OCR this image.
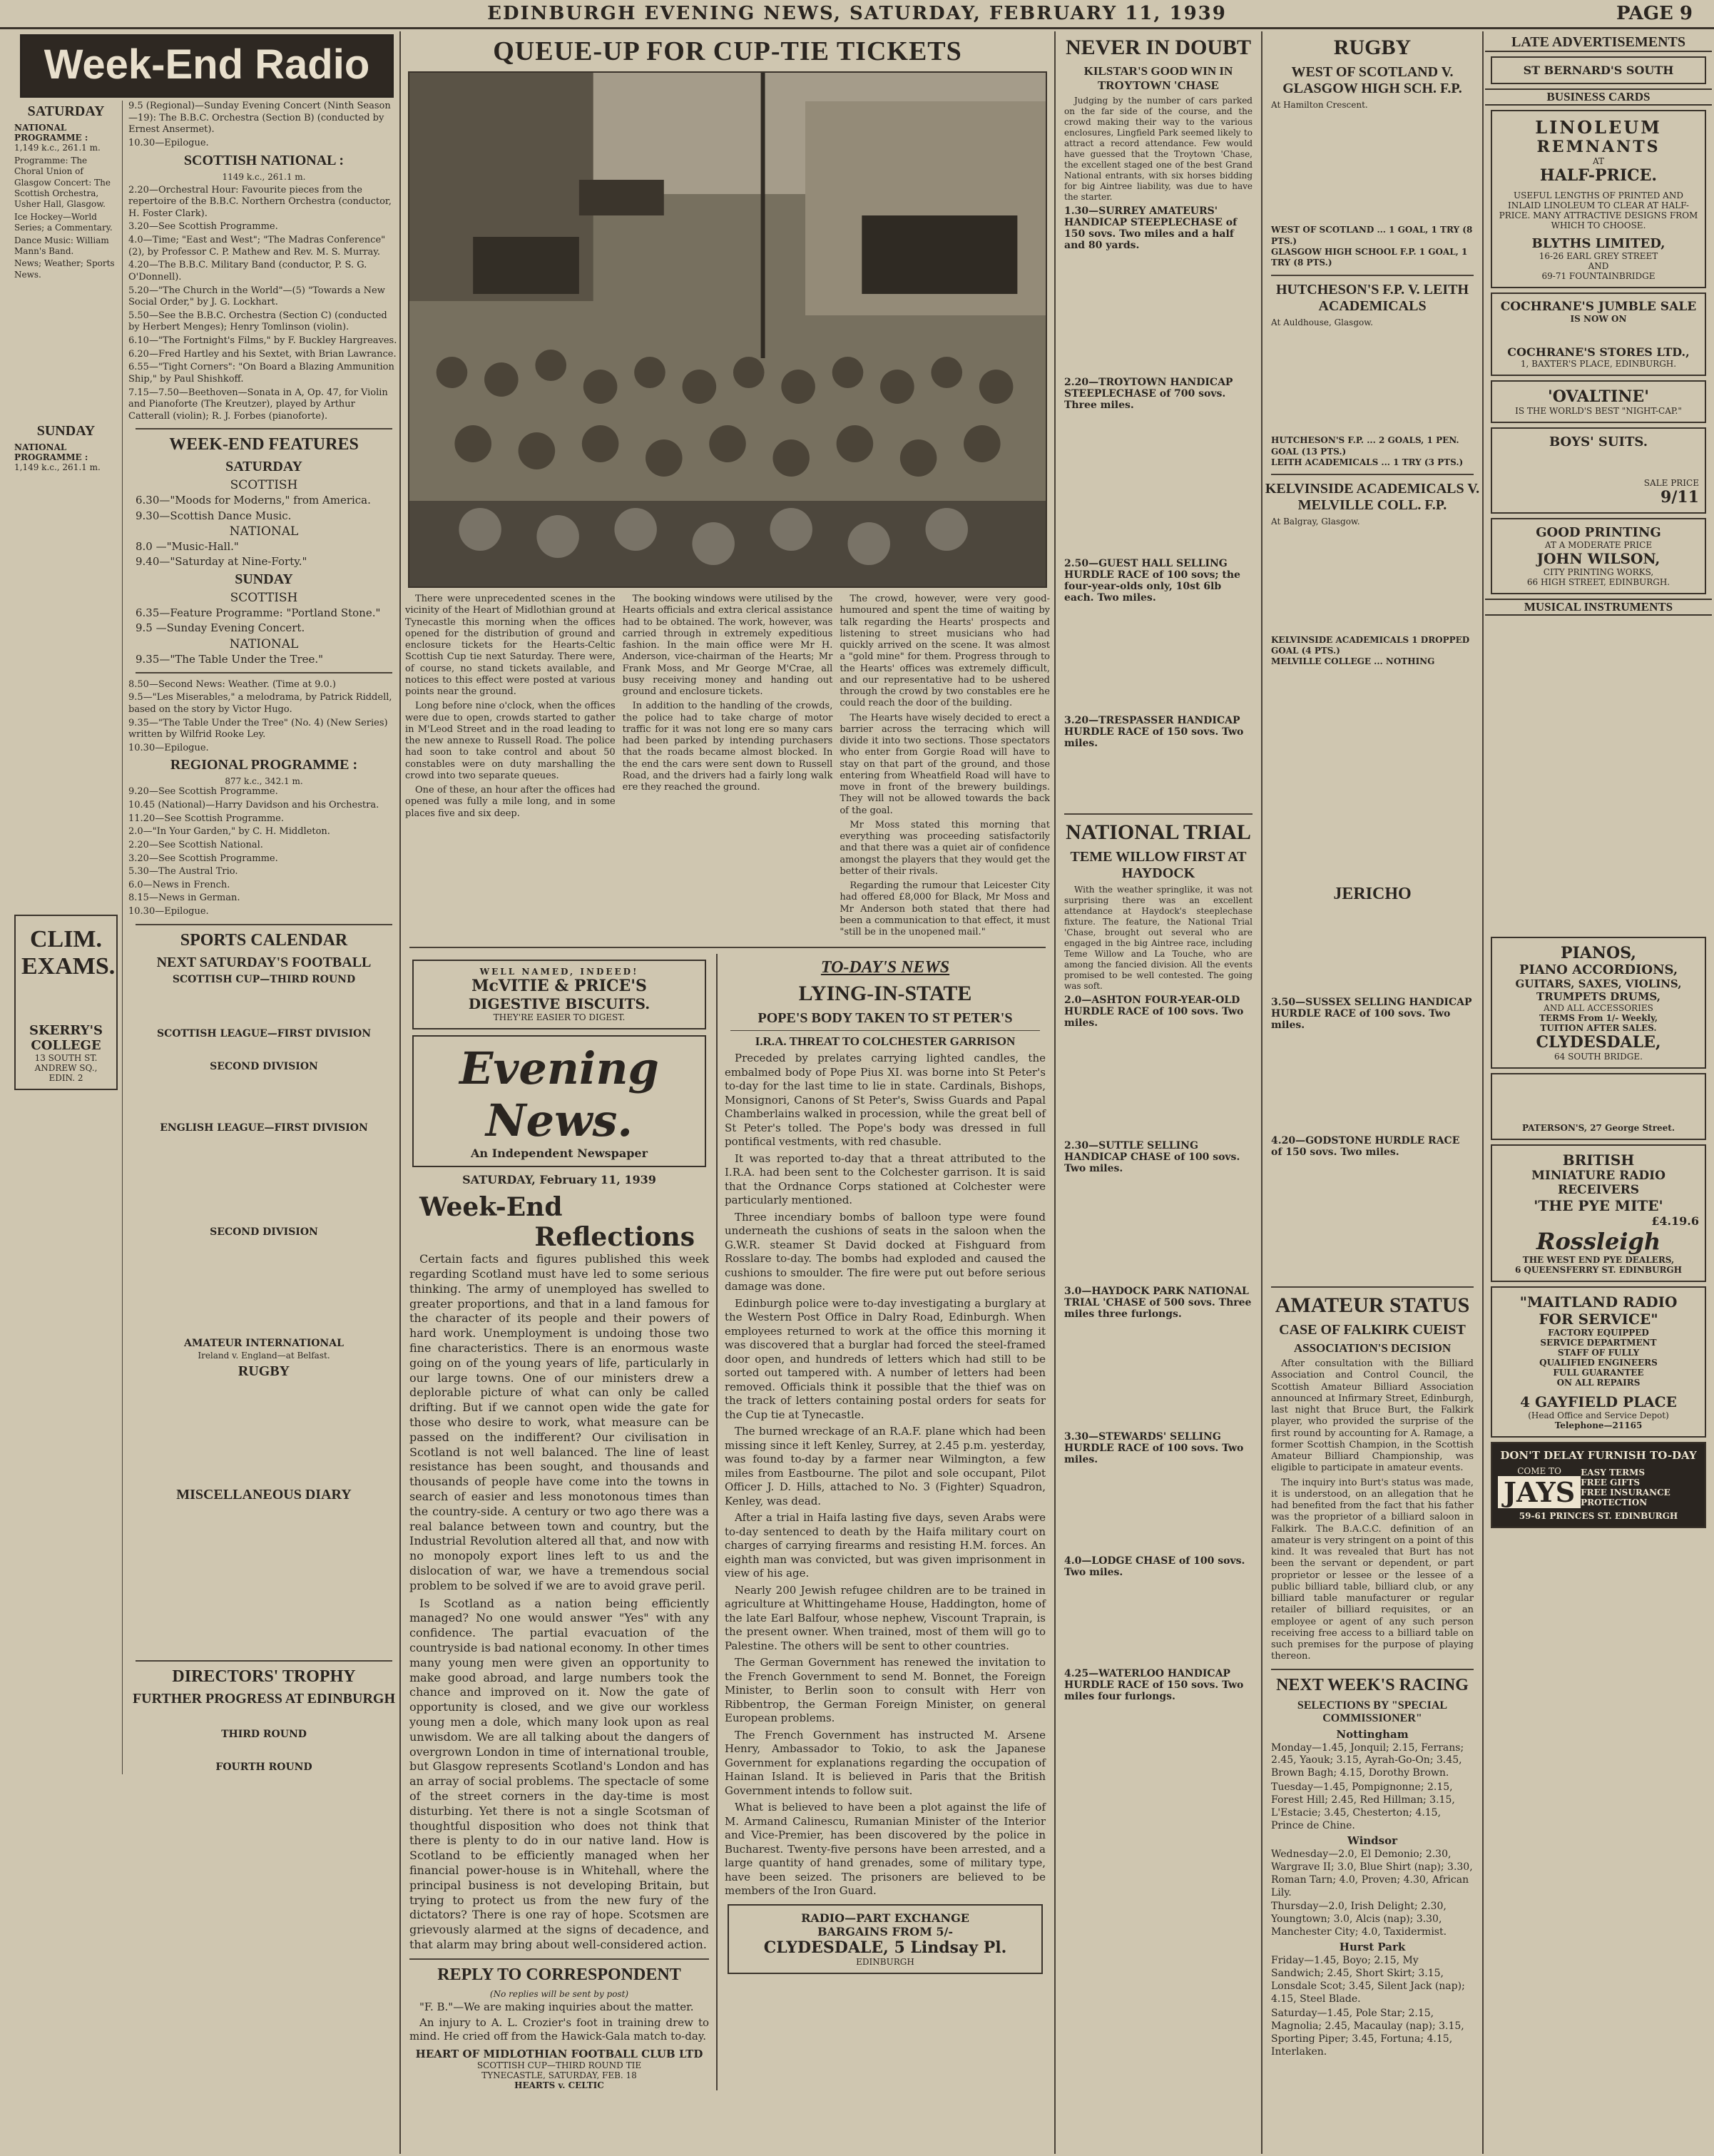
EDINBURGH EVENING NEWS, SATURDAY, FEBRUARY 11, 1939	PAGE 9
Week-End Radio
SATURDAY
NATIONAL PROGRAMME :
1,149 k.c., 261.1 m.
Programme: The Choral Union of Glasgow Concert: The Scottish Orchestra, Usher Hall, Glasgow.
Ice Hockey—World Series; a Commentary.
Dance Music: William Mann's Band.
News; Weather; Sports News.
SUNDAY
NATIONAL PROGRAMME :
1,149 k.c., 261.1 m.
CLIM. EXAMS.
SKERRY'S COLLEGE
13 SOUTH ST. ANDREW SQ., EDIN. 2
9.5 (Regional)—Sunday Evening Concert (Ninth Season—19): The B.B.C. Orchestra (Section B) (conducted by Ernest Ansermet).
10.30—Epilogue.
SCOTTISH NATIONAL :
1149 k.c., 261.1 m.
2.20—Orchestral Hour: Favourite pieces from the repertoire of the B.B.C. Northern Orchestra (conductor, H. Foster Clark).
3.20—See Scottish Programme.
4.0—Time; "East and West"; "The Madras Conference" (2), by Professor C. P. Mathew and Rev. M. S. Murray.
4.20—The B.B.C. Military Band (conductor, P. S. G. O'Donnell).
5.20—"The Church in the World"—(5) "Towards a New Social Order," by J. G. Lockhart.
5.50—See the B.B.C. Orchestra (Section C) (conducted by Herbert Menges); Henry Tomlinson (violin).
6.10—"The Fortnight's Films," by F. Buckley Hargreaves.
6.20—Fred Hartley and his Sextet, with Brian Lawrance.
6.55—"Tight Corners": "On Board a Blazing Ammunition Ship," by Paul Shishkoff.
7.15—7.50—Beethoven—Sonata in A, Op. 47, for Violin and Pianoforte (The Kreutzer), played by Arthur Catterall (violin); R. J. Forbes (pianoforte).
WEEK-END FEATURES
SATURDAY
SCOTTISH
6.30—"Moods for Moderns," from America.
9.30—Scottish Dance Music.
NATIONAL
8.0 —"Music-Hall."
9.40—"Saturday at Nine-Forty."
SUNDAY
SCOTTISH
6.35—Feature Programme: "Portland Stone."
9.5 —Sunday Evening Concert.
NATIONAL
9.35—"The Table Under the Tree."
8.50—Second News: Weather. (Time at 9.0.)
9.5—"Les Miserables," a melodrama, by Patrick Riddell, based on the story by Victor Hugo.
9.35—"The Table Under the Tree" (No. 4) (New Series) written by Wilfrid Rooke Ley.
10.30—Epilogue.
REGIONAL PROGRAMME :
877 k.c., 342.1 m.
9.20—See Scottish Programme.
10.45 (National)—Harry Davidson and his Orchestra.
11.20—See Scottish Programme.
2.0—"In Your Garden," by C. H. Middleton.
2.20—See Scottish National.
3.20—See Scottish Programme.
5.30—The Austral Trio.
6.0—News in French.
8.15—News in German.
10.30—Epilogue.
SPORTS CALENDAR
NEXT SATURDAY'S FOOTBALL
SCOTTISH CUP—THIRD ROUND
SCOTTISH LEAGUE—FIRST DIVISION
SECOND DIVISION
ENGLISH LEAGUE—FIRST DIVISION
SECOND DIVISION
AMATEUR INTERNATIONAL
Ireland v. England—at Belfast.
RUGBY
MISCELLANEOUS DIARY
DIRECTORS' TROPHY
FURTHER PROGRESS AT EDINBURGH
THIRD ROUND
FOURTH ROUND
QUEUE-UP FOR CUP-TIE TICKETS

There were unprecedented scenes in the vicinity of the Heart of Midlothian ground at Tynecastle this morning when the offices opened for the distribution of ground and enclosure tickets for the Hearts-Celtic Scottish Cup tie next Saturday. There were, of course, no stand tickets available, and notices to this effect were posted at various points near the ground.

Long before nine o'clock, when the offices were due to open, crowds started to gather in M'Leod Street and in the road leading to the new annexe to Russell Road. The police had soon to take control and about 50 constables were on duty marshalling the crowd into two separate queues.

One of these, an hour after the offices had opened was fully a mile long, and in some places five and six deep.

The booking windows were utilised by the Hearts officials and extra clerical assistance had to be obtained. The work, however, was carried through in extremely expeditious fashion. In the main office were Mr H. Anderson, vice-chairman of the Hearts; Mr Frank Moss, and Mr George M'Crae, all busy receiving money and handing out ground and enclosure tickets.

In addition to the handling of the crowds, the police had to take charge of motor traffic for it was not long ere so many cars had been parked by intending purchasers that the roads became almost blocked. In the end the cars were sent down to Russell Road, and the drivers had a fairly long walk ere they reached the ground.

The crowd, however, were very good-humoured and spent the time of waiting by talk regarding the Hearts' prospects and listening to street musicians who had quickly arrived on the scene. It was almost a "gold mine" for them. Progress through to the Hearts' offices was extremely difficult, and our representative had to be ushered through the crowd by two constables ere he could reach the door of the building.

The Hearts have wisely decided to erect a barrier across the terracing which will divide it into two sections. Those spectators who enter from Gorgie Road will have to stay on that part of the ground, and those entering from Wheatfield Road will have to move in front of the brewery buildings. They will not be allowed towards the back of the goal.

Mr Moss stated this morning that everything was proceeding satisfactorily and that there was a quiet air of confidence amongst the players that they would get the better of their rivals.

Regarding the rumour that Leicester City had offered £8,000 for Black, Mr Moss and Mr Anderson both stated that there had been a communication to that effect, it must "still be in the unopened mail."

WELL NAMED, INDEED!
McVITIE & PRICE'S
DIGESTIVE BISCUITS.
THEY'RE EASIER TO DIGEST.
Evening News.
An Independent Newspaper
SATURDAY, February 11, 1939
Week-End
Reflections

Certain facts and figures published this week regarding Scotland must have led to some serious thinking. The army of unemployed has swelled to greater proportions, and that in a land famous for the character of its people and their powers of hard work. Unemployment is undoing those two fine characteristics. There is an enormous waste going on of the young years of life, particularly in our large towns. One of our ministers drew a deplorable picture of what can only be called drifting. But if we cannot open wide the gate for those who desire to work, what measure can be passed on the indifferent? Our civilisation in Scotland is not well balanced. The line of least resistance has been sought, and thousands and thousands of people have come into the towns in search of easier and less monotonous times than the country-side. A century or two ago there was a real balance between town and country, but the Industrial Revolution altered all that, and now with no monopoly export lines left to us and the dislocation of war, we have a tremendous social problem to be solved if we are to avoid grave peril.

Is Scotland as a nation being efficiently managed? No one would answer "Yes" with any confidence. The partial evacuation of the countryside is bad national economy. In other times many young men were given an opportunity to make good abroad, and large numbers took the chance and improved on it. Now the gate of opportunity is closed, and we give our workless young men a dole, which many look upon as real unwisdom. We are all talking about the dangers of overgrown London in time of international trouble, but Glasgow represents Scotland's London and has an array of social problems. The spectacle of some of the street corners in the day-time is most disturbing. Yet there is not a single Scotsman of thoughtful disposition who does not think that there is plenty to do in our native land. How is Scotland to be efficiently managed when her financial power-house is in Whitehall, where the principal business is not developing Britain, but trying to protect us from the new fury of the dictators? There is one ray of hope. Scotsmen are grievously alarmed at the signs of decadence, and that alarm may bring about well-considered action.

REPLY TO CORRESPONDENT
(No replies will be sent by post)

"F. B."—We are making inquiries about the matter.

An injury to A. L. Crozier's foot in training drew to mind. He cried off from the Hawick-Gala match to-day.

HEART OF MIDLOTHIAN FOOTBALL CLUB LTD
SCOTTISH CUP—THIRD ROUND TIE
TYNECASTLE, SATURDAY, FEB. 18
HEARTS v. CELTIC
TO-DAY'S NEWS
LYING-IN-STATE
POPE'S BODY TAKEN TO ST PETER'S
I.R.A. THREAT TO COLCHESTER GARRISON

Preceded by prelates carrying lighted candles, the embalmed body of Pope Pius XI. was borne into St Peter's to-day for the last time to lie in state. Cardinals, Bishops, Monsignori, Canons of St Peter's, Swiss Guards and Papal Chamberlains walked in procession, while the great bell of St Peter's tolled. The Pope's body was dressed in full pontifical vestments, with red chasuble.

It was reported to-day that a threat attributed to the I.R.A. had been sent to the Colchester garrison. It is said that the Ordnance Corps stationed at Colchester were particularly mentioned.

Three incendiary bombs of balloon type were found underneath the cushions of seats in the saloon when the G.W.R. steamer St David docked at Fishguard from Rosslare to-day. The bombs had exploded and caused the cushions to smoulder. The fire were put out before serious damage was done.

Edinburgh police were to-day investigating a burglary at the Western Post Office in Dalry Road, Edinburgh. When employees returned to work at the office this morning it was discovered that a burglar had forced the steel-framed door open, and hundreds of letters which had still to be sorted out tampered with. A number of letters had been removed. Officials think it possible that the thief was on the track of letters containing postal orders for seats for the Cup tie at Tynecastle.

The burned wreckage of an R.A.F. plane which had been missing since it left Kenley, Surrey, at 2.45 p.m. yesterday, was found to-day by a farmer near Wilmington, a few miles from Eastbourne. The pilot and sole occupant, Pilot Officer J. D. Hills, attached to No. 3 (Fighter) Squadron, Kenley, was dead.

After a trial in Haifa lasting five days, seven Arabs were to-day sentenced to death by the Haifa military court on charges of carrying firearms and resisting H.M. forces. An eighth man was convicted, but was given imprisonment in view of his age.

Nearly 200 Jewish refugee children are to be trained in agriculture at Whittingehame House, Haddington, home of the late Earl Balfour, whose nephew, Viscount Traprain, is the present owner. When trained, most of them will go to Palestine. The others will be sent to other countries.

The German Government has renewed the invitation to the French Government to send M. Bonnet, the Foreign Minister, to Berlin soon to consult with Herr von Ribbentrop, the German Foreign Minister, on general European problems.

The French Government has instructed M. Arsene Henry, Ambassador to Tokio, to ask the Japanese Government for explanations regarding the occupation of Hainan Island. It is believed in Paris that the British Government intends to follow suit.

What is believed to have been a plot against the life of M. Armand Calinescu, Rumanian Minister of the Interior and Vice-Premier, has been discovered by the police in Bucharest. Twenty-five persons have been arrested, and a large quantity of hand grenades, some of military type, have been seized. The prisoners are believed to be members of the Iron Guard.

RADIO—PART EXCHANGE
BARGAINS FROM 5/-
CLYDESDALE, 5 Lindsay Pl.
EDINBURGH
NEVER IN DOUBT
KILSTAR'S GOOD WIN IN TROYTOWN 'CHASE

Judging by the number of cars parked on the far side of the course, and the crowd making their way to the various enclosures, Lingfield Park seemed likely to attract a record attendance. Few would have guessed that the Troytown 'Chase, the excellent staged one of the best Grand National entrants, with six horses bidding for big Aintree liability, was due to have the starter.

1.30—SURREY AMATEURS' HANDICAP STEEPLECHASE of 150 sovs. Two miles and a half and 80 yards.
2.20—TROYTOWN HANDICAP STEEPLECHASE of 700 sovs. Three miles.
2.50—GUEST HALL SELLING HURDLE RACE of 100 sovs; the four-year-olds only, 10st 6lb each. Two miles.
3.20—TRESPASSER HANDICAP HURDLE RACE of 150 sovs. Two miles.
NATIONAL TRIAL
TEME WILLOW FIRST AT HAYDOCK

With the weather springlike, it was not surprising there was an excellent attendance at Haydock's steeplechase fixture. The feature, the National Trial 'Chase, brought out several who are engaged in the big Aintree race, including Teme Willow and La Touche, who are among the fancied division. All the events promised to be well contested. The going was soft.

2.0—ASHTON FOUR-YEAR-OLD HURDLE RACE of 100 sovs. Two miles.
2.30—SUTTLE SELLING HANDICAP CHASE of 100 sovs. Two miles.
3.0—HAYDOCK PARK NATIONAL TRIAL 'CHASE of 500 sovs. Three miles three furlongs.
3.30—STEWARDS' SELLING HURDLE RACE of 100 sovs. Two miles.
4.0—LODGE CHASE of 100 sovs. Two miles.
4.25—WATERLOO HANDICAP HURDLE RACE of 150 sovs. Two miles four furlongs.
JERICHO
3.50—SUSSEX SELLING HANDICAP HURDLE RACE of 100 sovs. Two miles.
4.20—GODSTONE HURDLE RACE of 150 sovs. Two miles.
AMATEUR STATUS
CASE OF FALKIRK CUEIST
ASSOCIATION'S DECISION

After consultation with the Billiard Association and Control Council, the Scottish Amateur Billiard Association announced at Infirmary Street, Edinburgh, last night that Bruce Burt, the Falkirk player, who provided the surprise of the first round by accounting for A. Ramage, a former Scottish Champion, in the Scottish Amateur Billiard Championship, was eligible to participate in amateur events.

The inquiry into Burt's status was made, it is understood, on an allegation that he had benefited from the fact that his father was the proprietor of a billiard saloon in Falkirk. The B.A.C.C. definition of an amateur is very stringent on a point of this kind. It was revealed that Burt has not been the servant or dependent, or part proprietor or lessee or the lessee of a public billiard table, billiard club, or any billiard table manufacturer or regular retailer of billiard requisites, or an employee or agent of any such person receiving free access to a billiard table on such premises for the purpose of playing thereon.

NEXT WEEK'S RACING
SELECTIONS BY "SPECIAL COMMISSIONER"
Nottingham
Monday—1.45, Jonquil; 2.15, Ferrans; 2.45, Yaouk; 3.15, Ayrah-Go-On; 3.45, Brown Bagh; 4.15, Dorothy Brown.
Tuesday—1.45, Pompignonne; 2.15, Forest Hill; 2.45, Red Hillman; 3.15, L'Estacie; 3.45, Chesterton; 4.15, Prince de Chine.
Windsor
Wednesday—2.0, El Demonio; 2.30, Wargrave II; 3.0, Blue Shirt (nap); 3.30, Roman Tarn; 4.0, Proven; 4.30, African Lily.
Thursday—2.0, Irish Delight; 2.30, Youngtown; 3.0, Alcis (nap); 3.30, Manchester City; 4.0, Taxidermist.
Hurst Park
Friday—1.45, Boyo; 2.15, My Sandwich; 2.45, Short Skirt; 3.15, Lonsdale Scot; 3.45, Silent Jack (nap); 4.15, Steel Blade.
Saturday—1.45, Pole Star; 2.15, Magnolia; 2.45, Macaulay (nap); 3.15, Sporting Piper; 3.45, Fortuna; 4.15, Interlaken.
RUGBY
WEST OF SCOTLAND V. GLASGOW HIGH SCH. F.P.
At Hamilton Crescent.
WEST OF SCOTLAND ... 1 GOAL, 1 TRY (8 PTS.)
GLASGOW HIGH SCHOOL F.P. 1 GOAL, 1 TRY (8 PTS.)
HUTCHESON'S F.P. V. LEITH ACADEMICALS
At Auldhouse, Glasgow.
HUTCHESON'S F.P. ... 2 GOALS, 1 PEN. GOAL (13 PTS.)
LEITH ACADEMICALS ... 1 TRY (3 PTS.)
KELVINSIDE ACADEMICALS V. MELVILLE COLL. F.P.
At Balgray, Glasgow.
KELVINSIDE ACADEMICALS 1 DROPPED GOAL (4 PTS.)
MELVILLE COLLEGE ... NOTHING
LATE ADVERTISEMENTS
ST BERNARD'S SOUTH
BUSINESS CARDS
LINOLEUM
REMNANTS
AT
HALF-PRICE.
USEFUL LENGTHS OF PRINTED AND INLAID LINOLEUM TO CLEAR AT HALF-PRICE. MANY ATTRACTIVE DESIGNS FROM WHICH TO CHOOSE.
BLYTHS LIMITED,
16-26 EARL GREY STREET
AND
69-71 FOUNTAINBRIDGE
COCHRANE'S JUMBLE SALE
IS NOW ON
COCHRANE'S STORES LTD.,
1, BAXTER'S PLACE, EDINBURGH.
'OVALTINE'
IS THE WORLD'S BEST "NIGHT-CAP."
BOYS' SUITS.
SALE PRICE
9/11
GOOD PRINTING
AT A MODERATE PRICE
JOHN WILSON,
CITY PRINTING WORKS,
66 HIGH STREET, EDINBURGH.
MUSICAL INSTRUMENTS
PIANOS,
PIANO ACCORDIONS,
GUITARS, SAXES, VIOLINS,
TRUMPETS DRUMS,
AND ALL ACCESSORIES
TERMS From 1/- Weekly,
TUITION AFTER SALES.
CLYDESDALE,
64 SOUTH BRIDGE.
PATERSON'S, 27 George Street.
BRITISH
MINIATURE RADIO RECEIVERS
'THE PYE MITE'
£4.19.6
Rossleigh
THE WEST END PYE DEALERS,
6 QUEENSFERRY ST. EDINBURGH
"MAITLAND RADIO
FOR SERVICE"
FACTORY EQUIPPED
SERVICE DEPARTMENT
STAFF OF FULLY
QUALIFIED ENGINEERS
FULL GUARANTEE
ON ALL REPAIRS
4 GAYFIELD PLACE
(Head Office and Service Depot)
Telephone—21165
DON'T DELAY FURNISH TO-DAY
COME TO
JAYS
EASY TERMS
FREE GIFTS
FREE INSURANCE PROTECTION
59-61 PRINCES ST. EDINBURGH
